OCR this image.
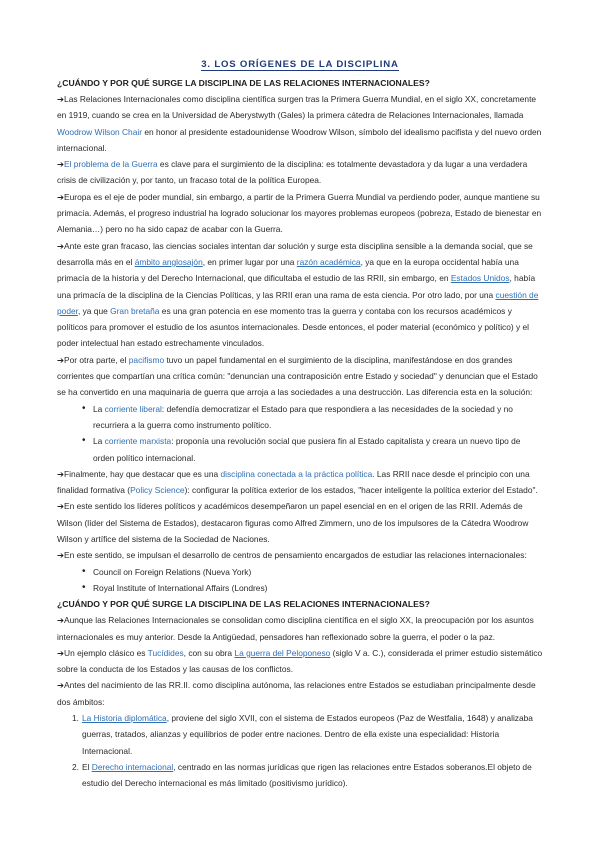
3. LOS ORÍGENES DE LA DISCIPLINA
¿CUÁNDO Y POR QUÉ SURGE LA DISCIPLINA DE LAS RELACIONES INTERNACIONALES?

➔Las Relaciones Internacionales como disciplina científica surgen tras la Primera Guerra Mundial, en el siglo XX, concretamente en 1919, cuando se crea en la Universidad de Aberystwyth (Gales) la primera cátedra de Relaciones Internacionales, llamada Woodrow Wilson Chair en honor al presidente estadounidense Woodrow Wilson, símbolo del idealismo pacifista y del nuevo orden internacional.

➔El problema de la Guerra es clave para el surgimiento de la disciplina: es totalmente devastadora y da lugar a una verdadera crisis de civilización y, por tanto, un fracaso total de la política Europea.

➔Europa es el eje de poder mundial, sin embargo, a partir de la Primera Guerra Mundial va perdiendo poder, aunque mantiene su primacía. Además, el progreso industrial ha logrado solucionar los mayores problemas europeos (pobreza, Estado de bienestar en Alemania…) pero no ha sido capaz de acabar con la Guerra.

➔Ante este gran fracaso, las ciencias sociales intentan dar solución y surge esta disciplina sensible a la demanda social, que se desarrolla más en el ámbito anglosajón, en primer lugar por una razón académica, ya que en la europa occidental había una primacía de la historia y del Derecho Internacional, que dificultaba el estudio de las RRII, sin embargo, en Estados Unidos, había una primacía de la disciplina de la Ciencias Políticas, y las RRII eran una rama de esta ciencia. Por otro lado, por una cuestión de poder, ya que Gran bretaña es una gran potencia en ese momento tras la guerra y contaba con los recursos académicos y políticos para promover el estudio de los asuntos internacionales. Desde entonces, el poder material (económico y político) y el poder intelectual han estado estrechamente vinculados.

➔Por otra parte, el pacifismo tuvo un papel fundamental en el surgimiento de la disciplina, manifestándose en dos grandes corrientes que compartían una crítica común: "denuncian una contraposición entre Estado y sociedad" y denuncian que el Estado se ha convertido en una maquinaria de guerra que arroja a las sociedades a una destrucción. Las diferencia esta en la solución:

• La corriente liberal: defendía democratizar el Estado para que respondiera a las necesidades de la sociedad y no recurriera a la guerra como instrumento político.
• La corriente marxista: proponía una revolución social que pusiera fin al Estado capitalista y creara un nuevo tipo de orden político internacional.

➔Finalmente, hay que destacar que es una disciplina conectada a la práctica política. Las RRII nace desde el principio con una finalidad formativa (Policy Science): configurar la política exterior de los estados, "hacer inteligente la política exterior del Estado".

➔En este sentido los líderes políticos y académicos desempeñaron un papel esencial en en el origen de las RRII. Además de Wilson (líder del Sistema de Estados), destacaron figuras como Alfred Zimmern, uno de los impulsores de la Cátedra Woodrow Wilson y artífice del sistema de la Sociedad de Naciones.

➔En este sentido, se impulsan el desarrollo de centros de pensamiento encargados de estudiar las relaciones internacionales:

• Council on Foreign Relations (Nueva York)
• Royal Institute of International Affairs (Londres)
¿CUÁNDO Y POR QUÉ SURGE LA DISCIPLINA DE LAS RELACIONES INTERNACIONALES?

➔Aunque las Relaciones Internacionales se consolidan como disciplina científica en el siglo XX, la preocupación por los asuntos internacionales es muy anterior. Desde la Antigüedad, pensadores han reflexionado sobre la guerra, el poder o la paz.

➔Un ejemplo clásico es Tucídides, con su obra La guerra del Peloponeso (siglo V a. C.), considerada el primer estudio sistemático sobre la conducta de los Estados y las causas de los conflictos.

➔Antes del nacimiento de las RR.II. como disciplina autónoma, las relaciones entre Estados se estudiaban principalmente desde dos ámbitos:

1. La Historia diplomática, proviene del siglo XVII, con el sistema de Estados europeos (Paz de Westfalia, 1648) y analizaba guerras, tratados, alianzas y equilibrios de poder entre naciones. Dentro de ella existe una especialidad: Historia Internacional.
2. El Derecho internacional, centrado en las normas jurídicas que rigen las relaciones entre Estados soberanos.El objeto de estudio del Derecho internacional es más limitado (positivismo jurídico).
